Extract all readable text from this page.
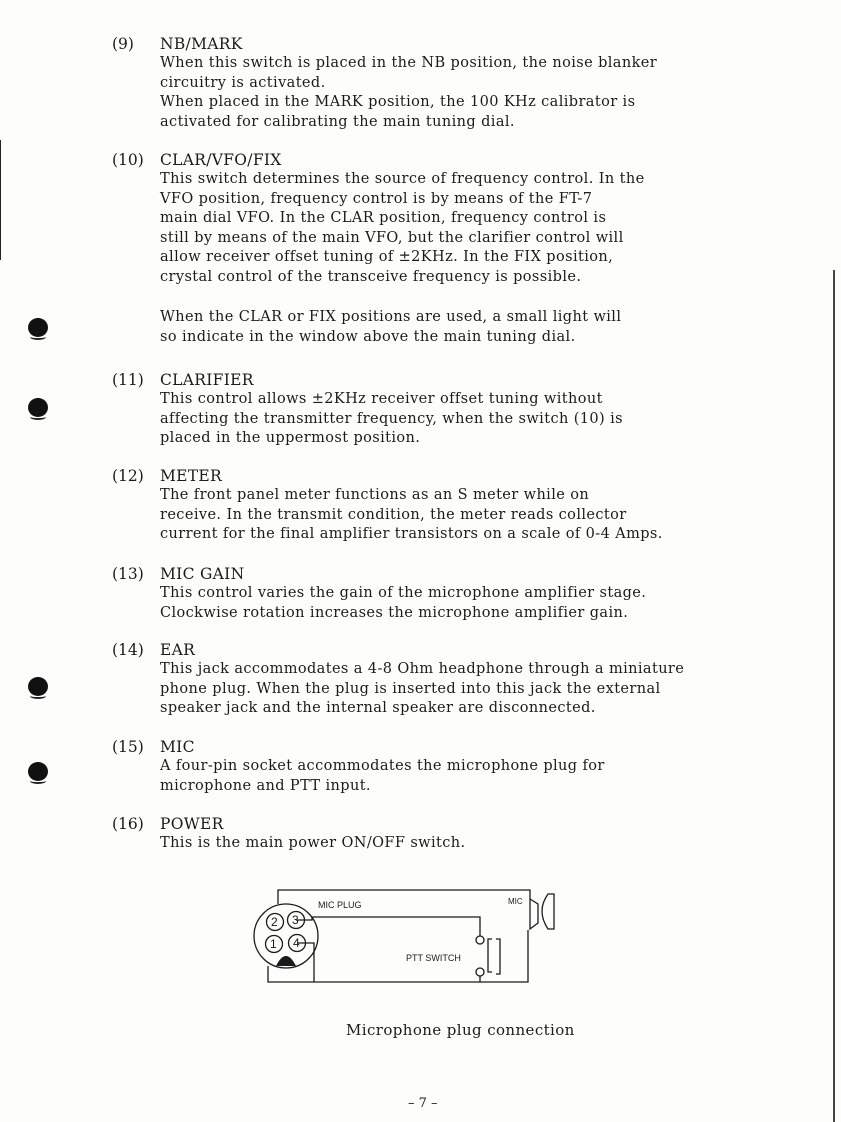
(9) NB/MARK
When this switch is placed in the NB position, the noise blanker
circuitry is activated.
When placed in the MARK position, the 100 KHz calibrator is
activated for calibrating the main tuning dial.
(10) CLAR/VFO/FIX
This switch determines the source of frequency control. In the
VFO position, frequency control is by means of the FT-7
main dial VFO. In the CLAR position, frequency control is
still by means of the main VFO, but the clarifier control will
allow receiver offset tuning of ±2KHz. In the FIX position,
crystal control of the transceive frequency is possible.
When the CLAR or FIX positions are used, a small light will
so indicate in the window above the main tuning dial.
(11) CLARIFIER
This control allows ±2KHz receiver offset tuning without
affecting the transmitter frequency, when the switch (10) is
placed in the uppermost position.
(12) METER
The front panel meter functions as an S meter while on
receive. In the transmit condition, the meter reads collector
current for the final amplifier transistors on a scale of 0-4 Amps.
(13) MIC GAIN
This control varies the gain of the microphone amplifier stage.
Clockwise rotation increases the microphone amplifier gain.
(14) EAR
This jack accommodates a 4-8 Ohm headphone through a miniature
phone plug. When the plug is inserted into this jack the external
speaker jack and the internal speaker are disconnected.
(15) MIC
A four-pin socket accommodates the microphone plug for
microphone and PTT input.
(16) POWER
This is the main power ON/OFF switch.
2 3
1 4
MIC PLUG	MIC
PTT SWITCH
Microphone plug connection
– 7 –
